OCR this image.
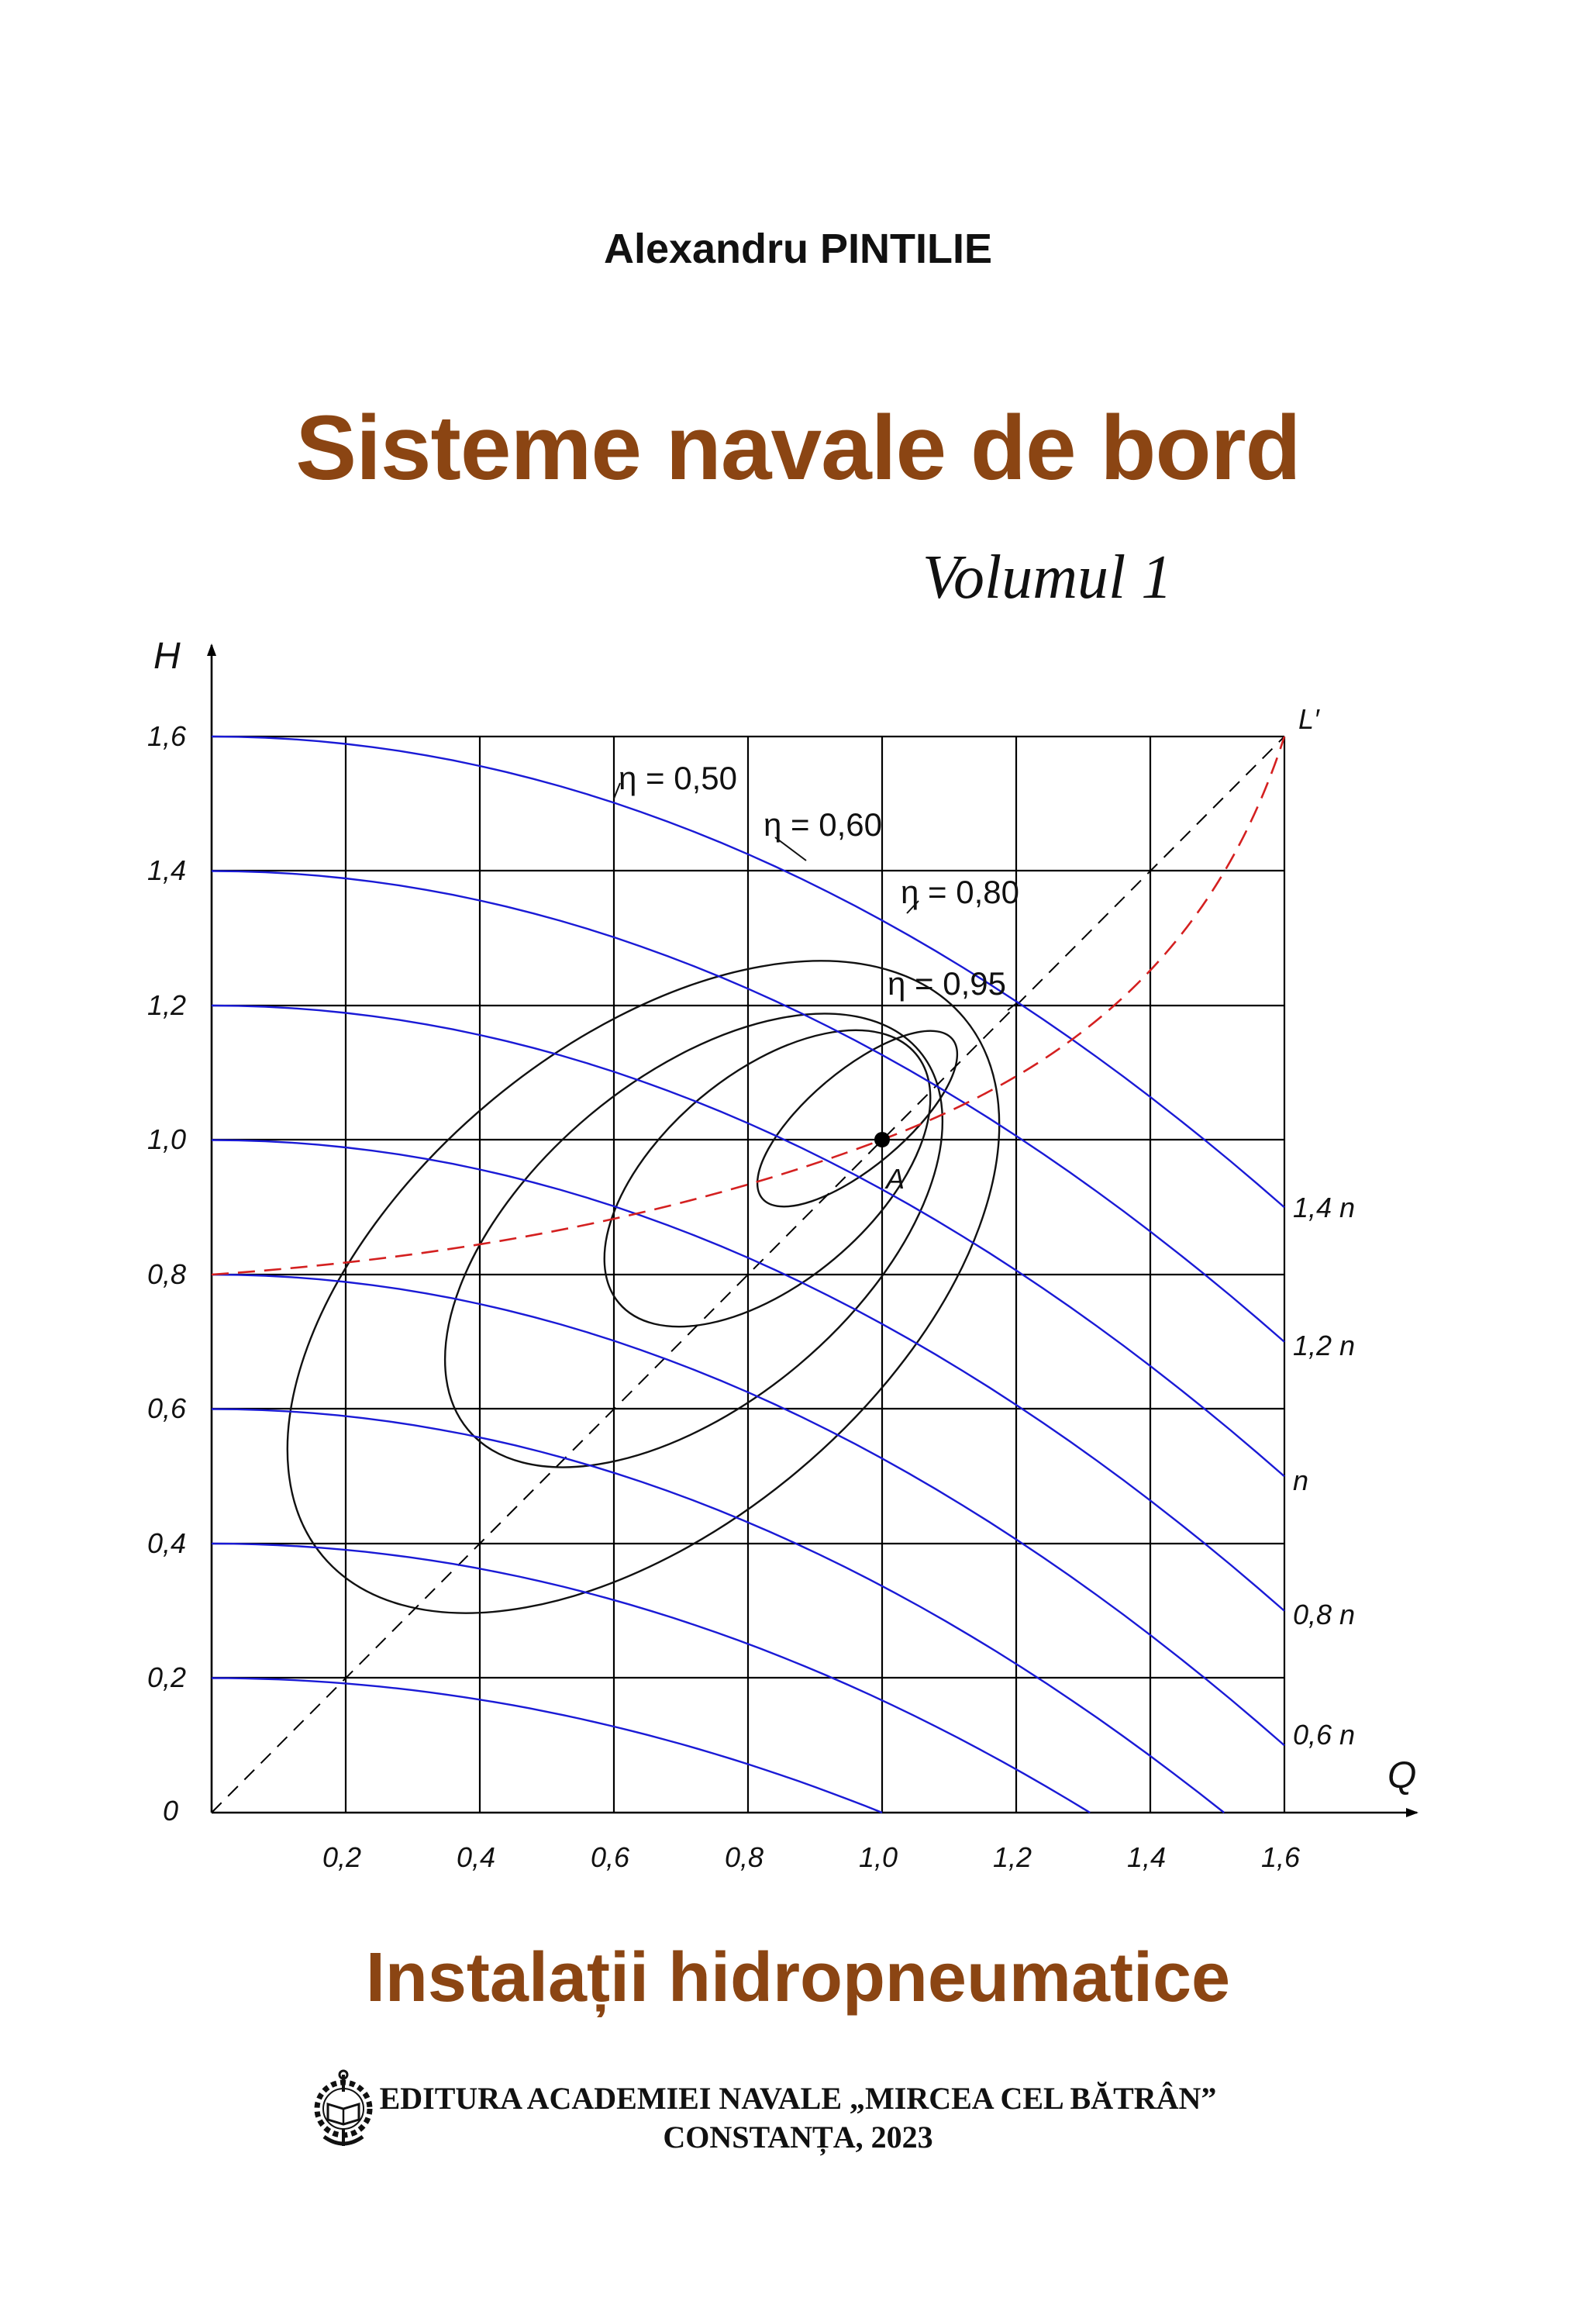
Alexandru PINTILIE
Sisteme navale de bord
Volumul 1
H
Q
0
0,2
0,4
0,6
0,8
1,0
1,2
1,4
1,6
0,2	0,4	0,6	0,8	1,0	1,2	1,4	1,6
1,4 n
1,2 n
n
0,8 n
0,6 n
A
L′
η = 0,50
η = 0,60
η = 0,80
η = 0,95
Instalații hidropneumatice
EDITURA ACADEMIEI NAVALE „MIRCEA CEL BĂTRÂN”
CONSTANȚA, 2023
